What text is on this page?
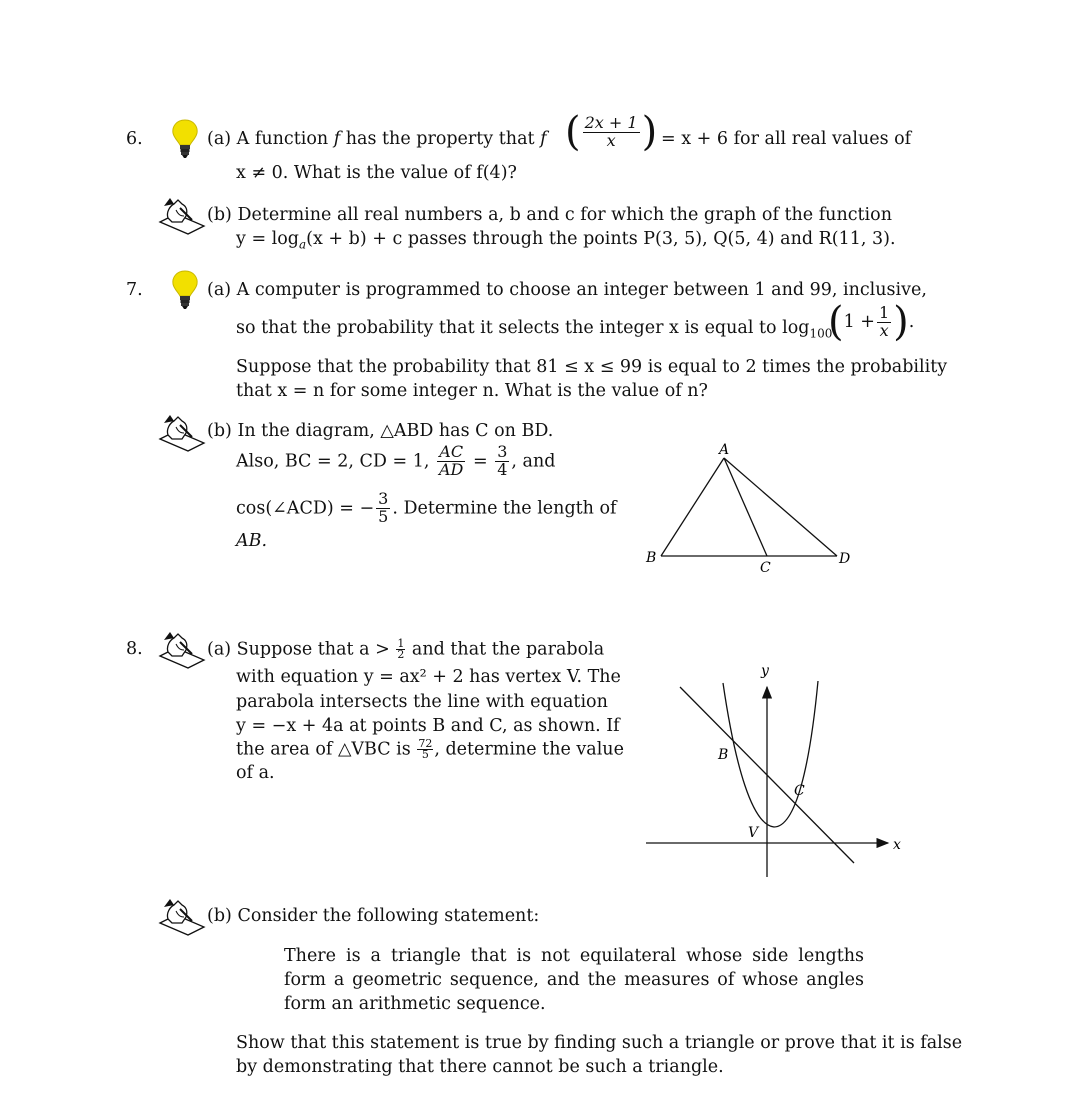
6.	(a) A function f has the property that f ( $\frac{2x + 1}{x}$ ) = x + 6 for all real values of
x ≠ 0. What is the value of f(4)?
(b) Determine all real numbers a, b and c for which the graph of the function
$y = \log_a(x + b) + c$ passes through the points P(3, 5), Q(5, 4) and R(11, 3).
7.	(a) A computer is programmed to choose an integer between 1 and 99, inclusive,
so that the probability that it selects the integer x is equal to $\log_{100}$
($1 + \frac{1}{x}$ ).
Suppose that the probability that 81 ≤ x ≤ 99 is equal to 2 times the probability
that x = n for some integer n. What is the value of n?
(b) In the diagram, △ABD has C on BD.
Also, BC = 2, CD = 1, $\frac{AC}{AD} = \frac{3}{4}$ , and
cos(∠ACD) = − $\frac{3}{5}$ . Determine the length of
AB.
A
B
C
D
8.	(a) Suppose that $a > \frac{1}{2}$ and that the parabola
with equation y = ax² + 2 has vertex V. The
parabola intersects the line with equation
y = −x + 4a at points B and C, as shown. If
the area of △VBC is $\frac{72}{5}$ , determine the value
of a.
y
x
B
C
V
(b) Consider the following statement:
There is a triangle that is not equilateral whose side lengths form a geometric sequence, and the measures of whose angles form an arithmetic sequence.
Show that this statement is true by finding such a triangle or prove that it is false
by demonstrating that there cannot be such a triangle.
